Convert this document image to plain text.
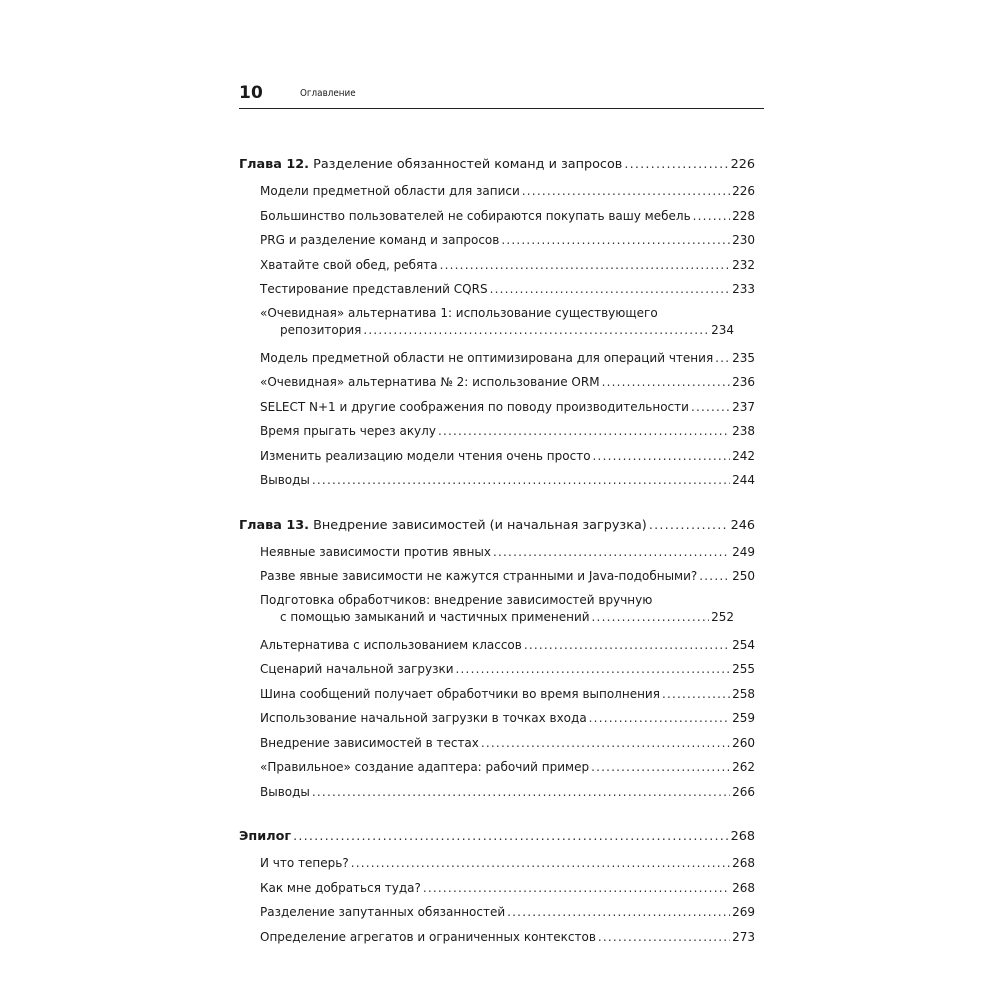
10	Оглавление
Глава 12. Разделение обязанностей команд и запросов .....	226
Модели предметной области для записи .....	226
Большинство пользователей не собираются покупать вашу мебель .....	228
PRG и разделение команд и запросов .....	230
Хватайте свой обед, ребята .....	232
Тестирование представлений CQRS .....	233
«Очевидная» альтернатива 1: использование существующего
репозитория .....	234
Модель предметной области не оптимизирована для операций чтения ..... 235
«Очевидная» альтернатива № 2: использование ORM .....	236
SELECT N+1 и другие соображения по поводу производительности .....	237
Время прыгать через акулу .....	238
Изменить реализацию модели чтения очень просто .....	242
Выводы .....	244
Глава 13. Внедрение зависимостей (и начальная загрузка) .....	246
Неявные зависимости против явных .....	249
Разве явные зависимости не кажутся странными и Java-подобными? .....	250
Подготовка обработчиков: внедрение зависимостей вручную
с помощью замыканий и частичных применений .....	252
Альтернатива с использованием классов .....	254
Сценарий начальной загрузки .....	255
Шина сообщений получает обработчики во время выполнения .....	258
Использование начальной загрузки в точках входа .....	259
Внедрение зависимостей в тестах .....	260
«Правильное» создание адаптера: рабочий пример .....	262
Выводы .....	266
Эпилог .....	268
И что теперь? .....	268
Как мне добраться туда? .....	268
Разделение запутанных обязанностей .....	269
Определение агрегатов и ограниченных контекстов .....	273
